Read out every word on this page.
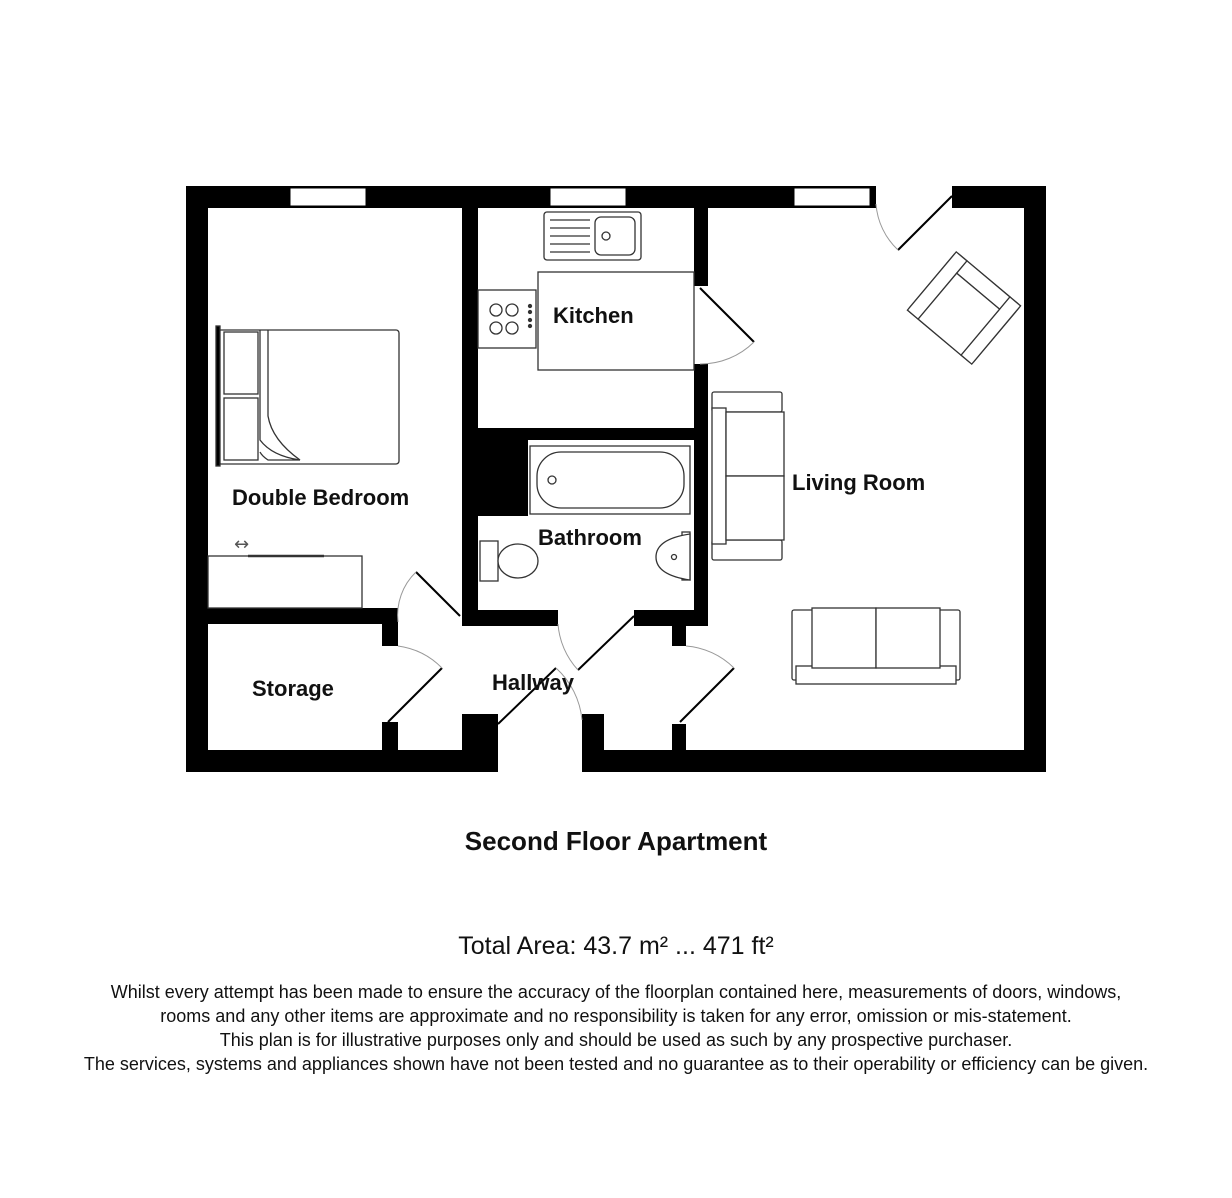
↔
Double Bedroom
Kitchen
Bathroom
Living Room
Storage	Hallway
Second Floor Apartment
Total Area: 43.7 m² ... 471 ft²
Whilst every attempt has been made to ensure the accuracy of the floorplan contained here, measurements of doors, windows,
rooms and any other items are approximate and no responsibility is taken for any error, omission or mis-statement.
This plan is for illustrative purposes only and should be used as such by any prospective purchaser.
The services, systems and appliances shown have not been tested and no guarantee as to their operability or efficiency can be given.
